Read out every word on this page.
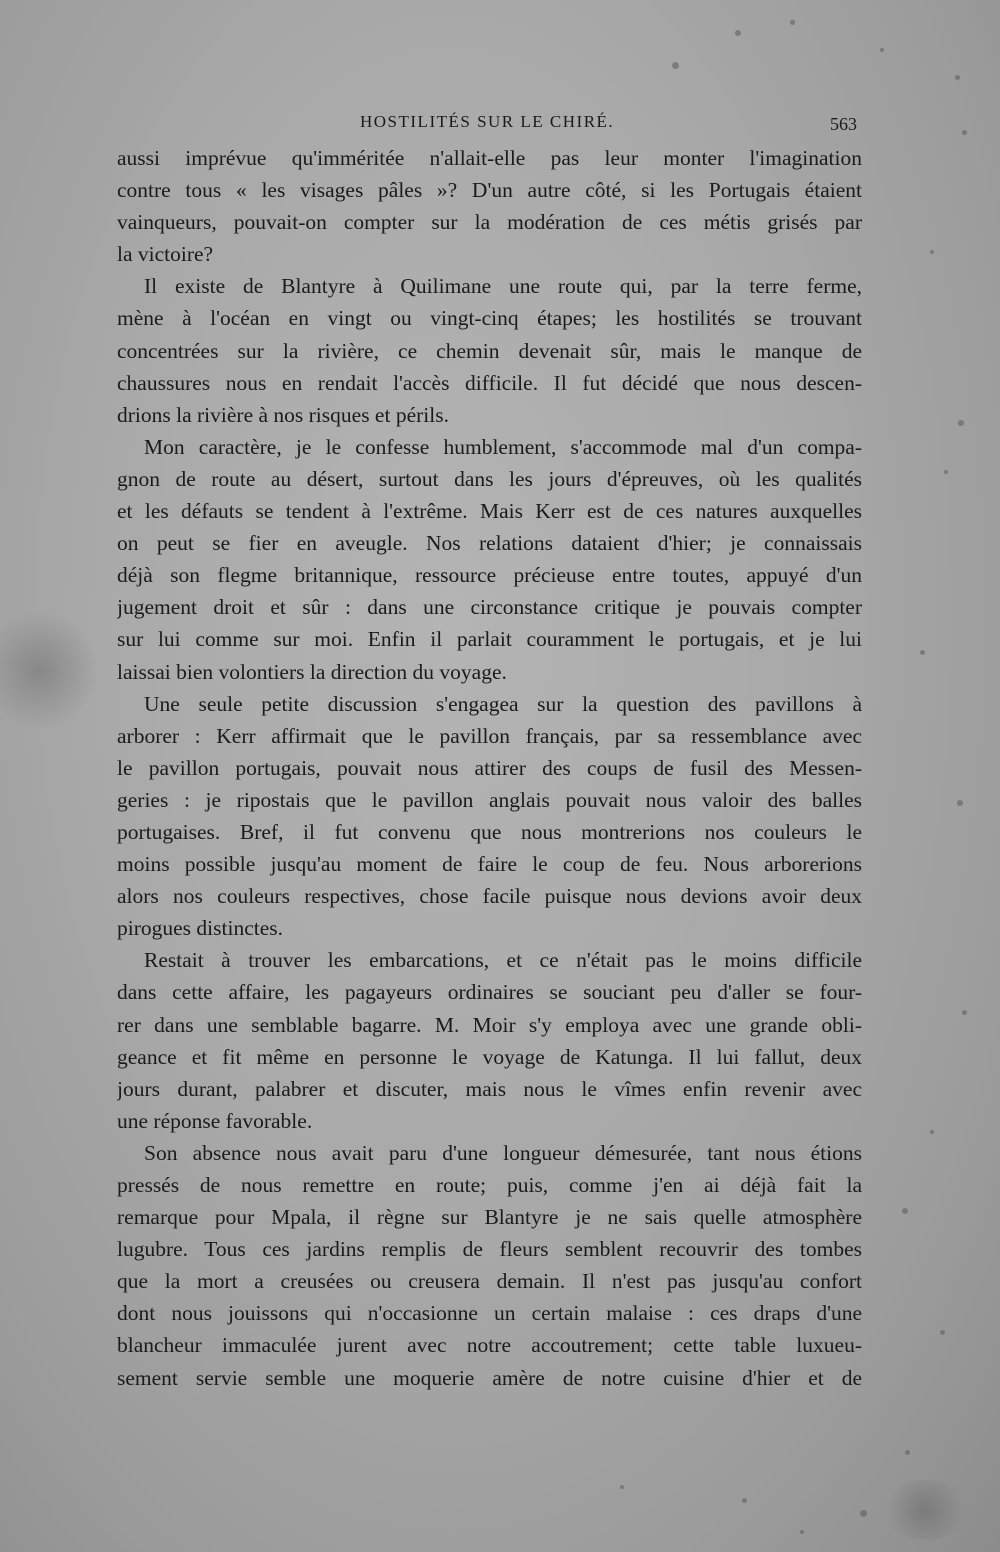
HOSTILITÉS SUR LE CHIRÉ.	563
aussi imprévue qu'imméritée n'allait-elle pas leur monter l'imagination
contre tous « les visages pâles »? D'un autre côté, si les Portugais étaient
vainqueurs, pouvait-on compter sur la modération de ces métis grisés par
la victoire?
Il existe de Blantyre à Quilimane une route qui, par la terre ferme,
mène à l'océan en vingt ou vingt-cinq étapes; les hostilités se trouvant
concentrées sur la rivière, ce chemin devenait sûr, mais le manque de
chaussures nous en rendait l'accès difficile. Il fut décidé que nous descen-
drions la rivière à nos risques et périls.
Mon caractère, je le confesse humblement, s'accommode mal d'un compa-
gnon de route au désert, surtout dans les jours d'épreuves, où les qualités
et les défauts se tendent à l'extrême. Mais Kerr est de ces natures auxquelles
on peut se fier en aveugle. Nos relations dataient d'hier; je connaissais
déjà son flegme britannique, ressource précieuse entre toutes, appuyé d'un
jugement droit et sûr : dans une circonstance critique je pouvais compter
sur lui comme sur moi. Enfin il parlait couramment le portugais, et je lui
laissai bien volontiers la direction du voyage.
Une seule petite discussion s'engagea sur la question des pavillons à
arborer : Kerr affirmait que le pavillon français, par sa ressemblance avec
le pavillon portugais, pouvait nous attirer des coups de fusil des Messen-
geries : je ripostais que le pavillon anglais pouvait nous valoir des balles
portugaises. Bref, il fut convenu que nous montrerions nos couleurs le
moins possible jusqu'au moment de faire le coup de feu. Nous arborerions
alors nos couleurs respectives, chose facile puisque nous devions avoir deux
pirogues distinctes.
Restait à trouver les embarcations, et ce n'était pas le moins difficile
dans cette affaire, les pagayeurs ordinaires se souciant peu d'aller se four-
rer dans une semblable bagarre. M. Moir s'y employa avec une grande obli-
geance et fit même en personne le voyage de Katunga. Il lui fallut, deux
jours durant, palabrer et discuter, mais nous le vîmes enfin revenir avec
une réponse favorable.
Son absence nous avait paru d'une longueur démesurée, tant nous étions
pressés de nous remettre en route; puis, comme j'en ai déjà fait la
remarque pour Mpala, il règne sur Blantyre je ne sais quelle atmosphère
lugubre. Tous ces jardins remplis de fleurs semblent recouvrir des tombes
que la mort a creusées ou creusera demain. Il n'est pas jusqu'au confort
dont nous jouissons qui n'occasionne un certain malaise : ces draps d'une
blancheur immaculée jurent avec notre accoutrement; cette table luxueu-
sement servie semble une moquerie amère de notre cuisine d'hier et de
